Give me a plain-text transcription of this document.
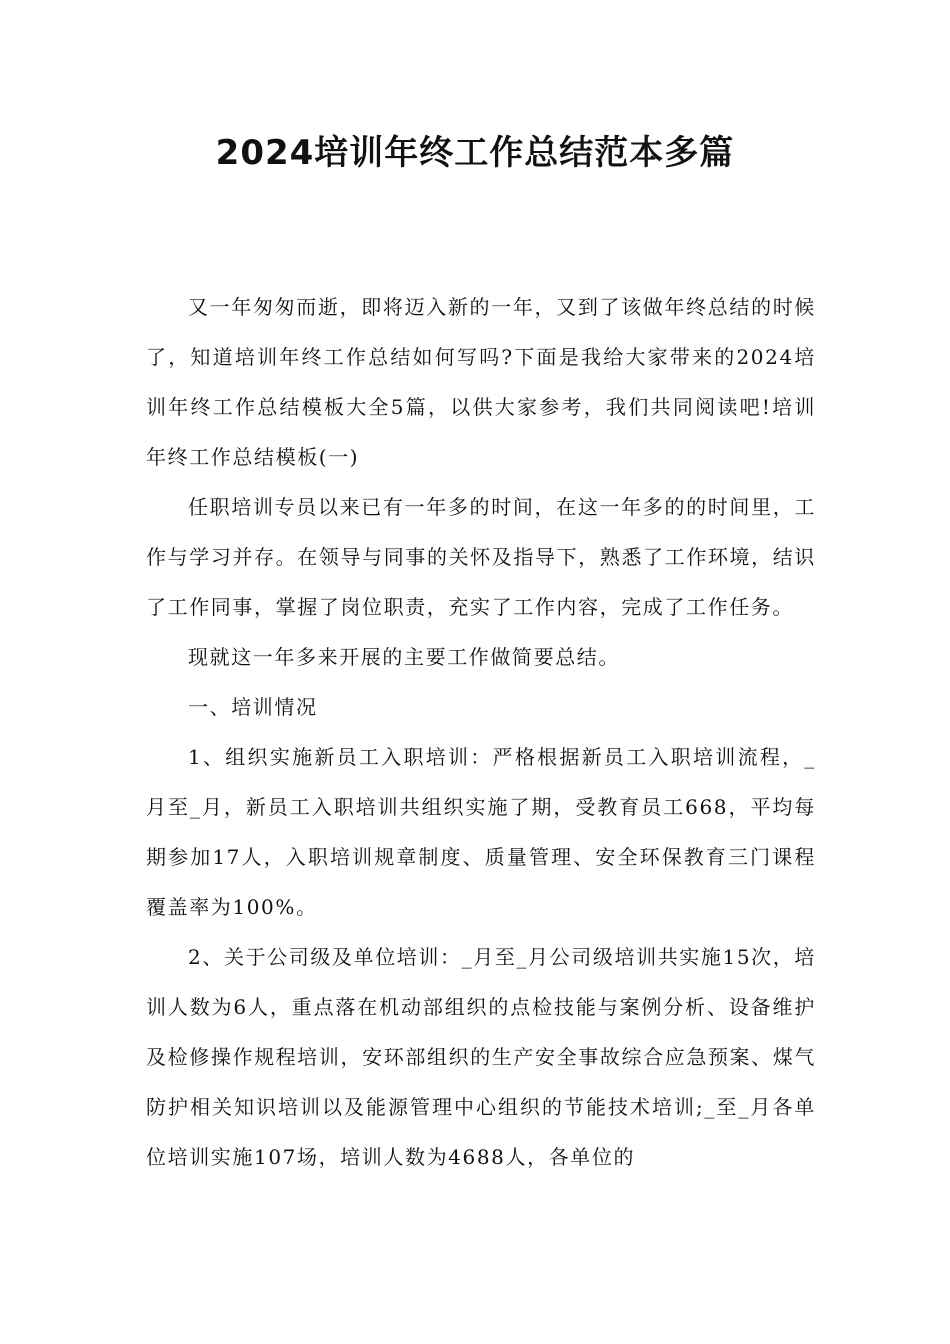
2024培训年终工作总结范本多篇

又一年匆匆而逝，即将迈入新的一年，又到了该做年终总结的时候了，知道培训年终工作总结如何写吗?下面是我给大家带来的2024培训年终工作总结模板大全5篇，以供大家参考，我们共同阅读吧!培训年终工作总结模板(一)

任职培训专员以来已有一年多的时间，在这一年多的的时间里，工作与学习并存。在领导与同事的关怀及指导下，熟悉了工作环境，结识了工作同事，掌握了岗位职责，充实了工作内容，完成了工作任务。

现就这一年多来开展的主要工作做简要总结。

一、培训情况

1、组织实施新员工入职培训：严格根据新员工入职培训流程，_月至_月，新员工入职培训共组织实施了期，受教育员工668，平均每期参加17人，入职培训规章制度、质量管理、安全环保教育三门课程覆盖率为100%。

2、关于公司级及单位培训：_月至_月公司级培训共实施15次，培训人数为6人，重点落在机动部组织的点检技能与案例分析、设备维护及检修操作规程培训，安环部组织的生产安全事故综合应急预案、煤气防护相关知识培训以及能源管理中心组织的节能技术培训;_至_月各单位培训实施107场，培训人数为4688人，各单位的
